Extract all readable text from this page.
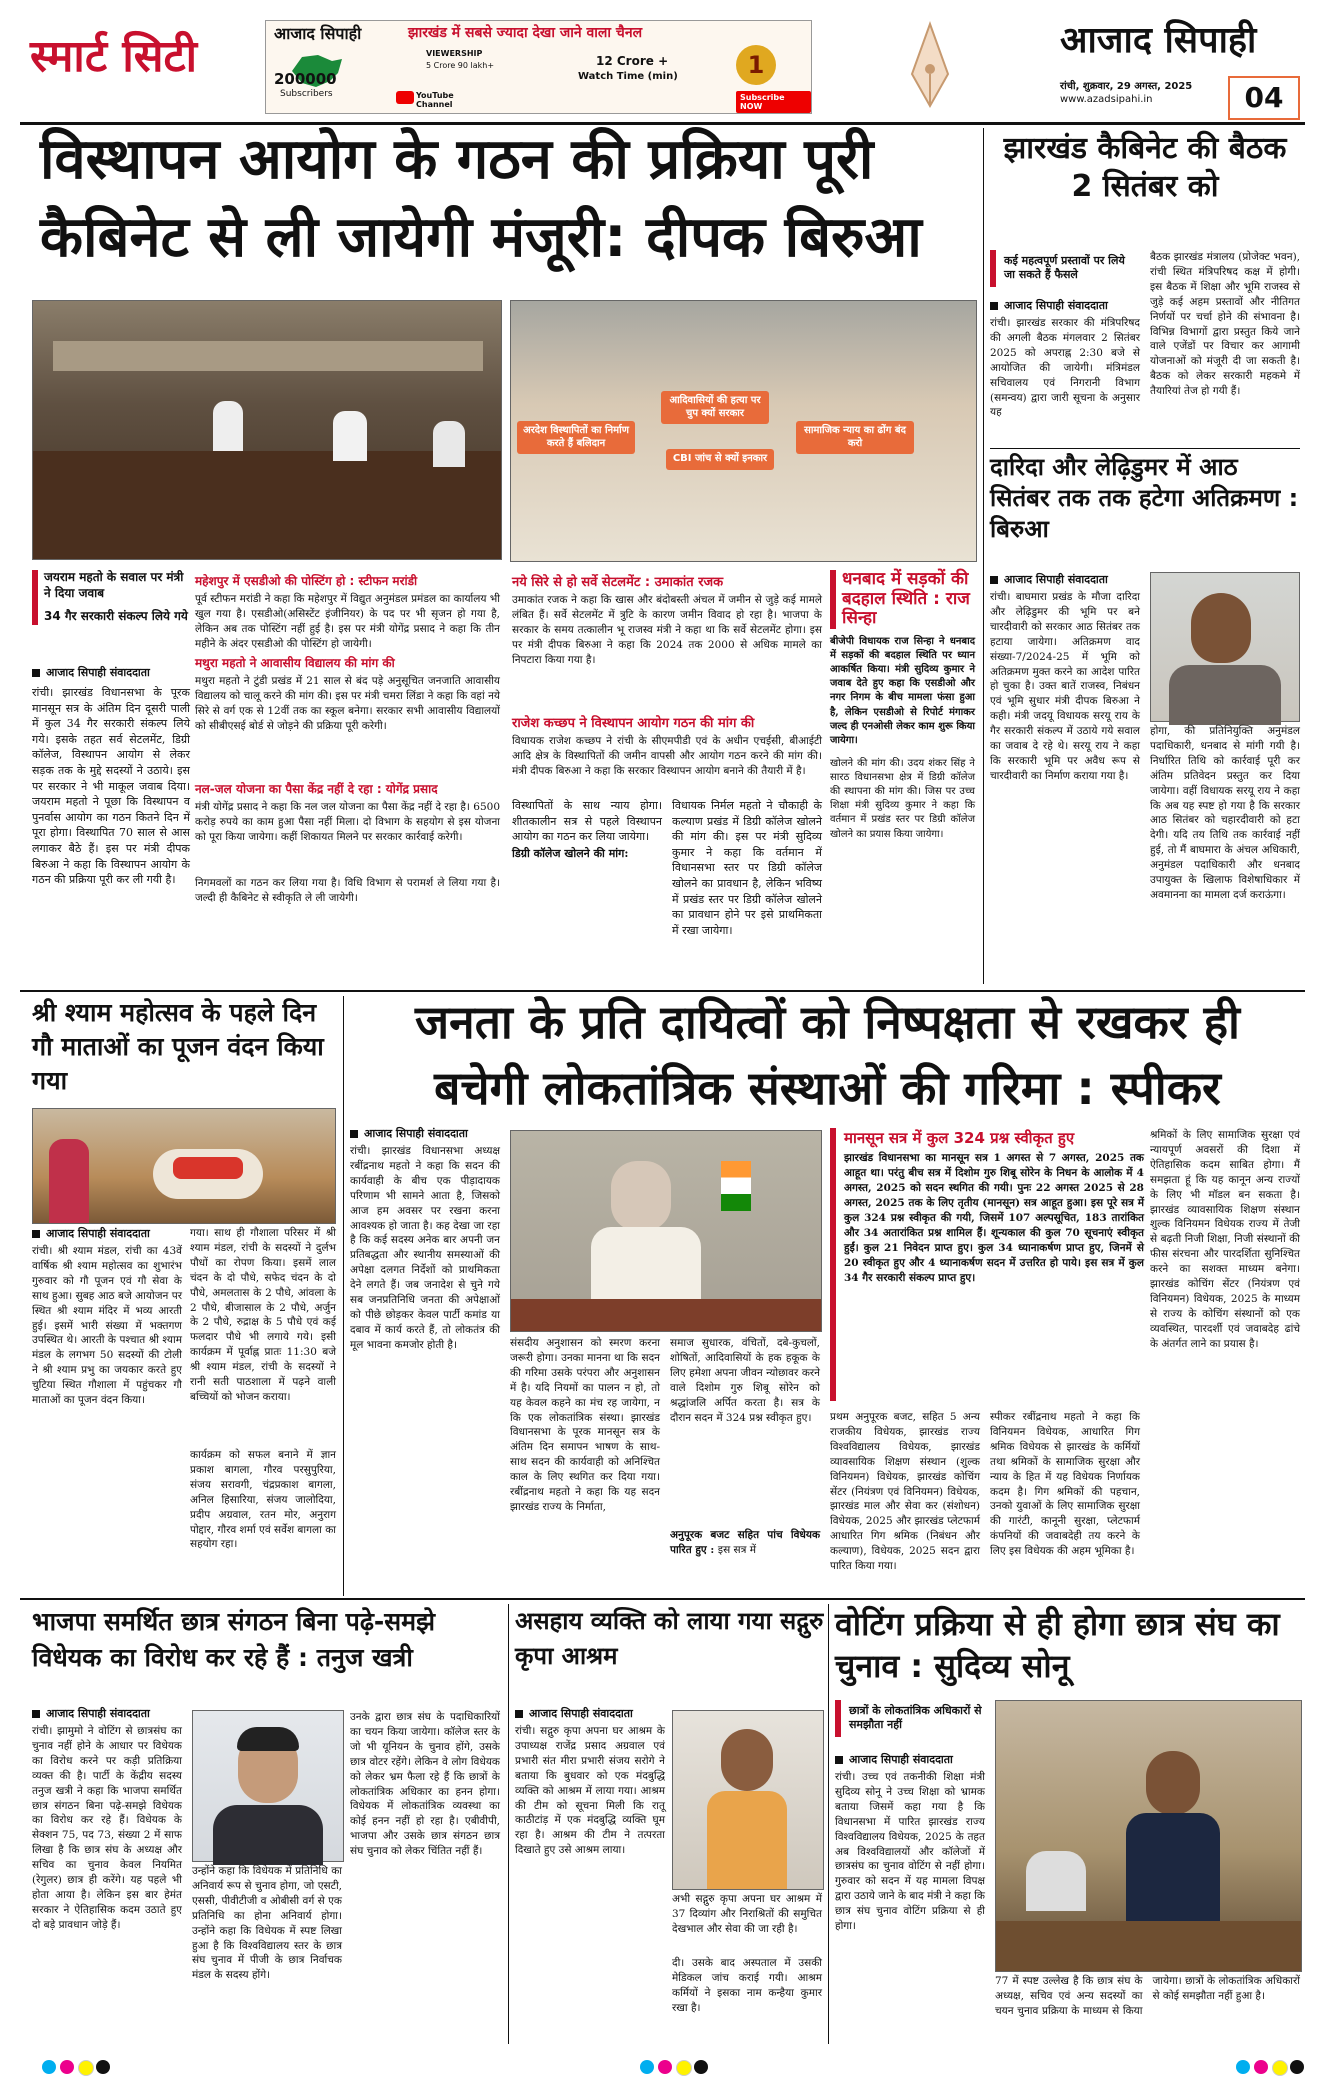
स्मार्ट सिटी	आजाद सिपाही	झारखंड में सबसे ज्यादा देखा जाने वाला चैनल
200000
Subscribers
VIEWERSHIP
5 Crore 90 lakh+	12 Crore +
Watch Time (min)
YouTube Channel
1
Subscribe NOW
आजाद सिपाही
रांची, शुक्रवार, 29 अगस्त, 2025
www.azadsipahi.in	04
विस्थापन आयोग के गठन की प्रक्रिया पूरी
कैबिनेट से ली जायेगी मंजूरी: दीपक बिरुआ
अरदेश विस्थापितों का निर्माण करते हैं बलिदान
आदिवासियों की हत्या पर चुप क्यों सरकार
CBI जांच से क्यों इनकार
सामाजिक न्याय का ढोंग बंद करो
जयराम महतो के सवाल पर मंत्री ने दिया जवाब
34 गैर सरकारी संकल्प लिये गये
आजाद सिपाही संवाददाता
रांची। झारखंड विधानसभा के पूरक मानसून सत्र के अंतिम दिन दूसरी पाली में कुल 34 गैर सरकारी संकल्प लिये गये। इसके तहत सर्व सेटलमेंट, डिग्री कॉलेज, विस्थापन आयोग से लेकर सड़क तक के मुद्दे सदस्यों ने उठाये। इस पर सरकार ने भी माकूल जवाब दिया। जयराम महतो ने पूछा कि विस्थापन व पुनर्वास आयोग का गठन कितने दिन में पूरा होगा। विस्थापित 70 साल से आस लगाकर बैठे हैं। इस पर मंत्री दीपक बिरुआ ने कहा कि विस्थापन आयोग के गठन की प्रक्रिया पूरी कर ली गयी है।
महेशपुर में एसडीओ की पोस्टिंग हो : स्टीफन मरांडी
पूर्व स्टीफन मरांडी ने कहा कि महेशपुर में विद्युत अनुमंडल प्रमंडल का कार्यालय भी खुल गया है। एसडीओ(असिस्टेंट इंजीनियर) के पद पर भी सृजन हो गया है, लेकिन अब तक पोस्टिंग नहीं हुई है। इस पर मंत्री योगेंद्र प्रसाद ने कहा कि तीन महीने के अंदर एसडीओ की पोस्टिंग हो जायेगी।
मथुरा महतो ने आवासीय विद्यालय की मांग की
मथुरा महतो ने टुंडी प्रखंड में 21 साल से बंद पड़े अनुसूचित जनजाति आवासीय विद्यालय को चालू करने की मांग की। इस पर मंत्री चमरा लिंडा ने कहा कि वहां नये सिरे से वर्ग एक से 12वीं तक का स्कूल बनेगा। सरकार सभी आवासीय विद्यालयों को सीबीएसई बोर्ड से जोड़ने की प्रक्रिया पूरी करेगी।
नल-जल योजना का पैसा केंद्र नहीं दे रहा : योगेंद्र प्रसाद
मंत्री योगेंद्र प्रसाद ने कहा कि नल जल योजना का पैसा केंद्र नहीं दे रहा है। 6500 करोड़ रुपये का काम हुआ पैसा नहीं मिला। दो विभाग के सहयोग से इस योजना को पूरा किया जायेगा। कहीं शिकायत मिलने पर सरकार कार्रवाई करेगी।
निगमवलों का गठन कर लिया गया है। विधि विभाग से परामर्श ले लिया गया है। जल्दी ही कैबिनेट से स्वीकृति ले ली जायेगी।
नये सिरे से हो सर्वे सेटलमेंट : उमाकांत रजक
उमाकांत रजक ने कहा कि खास और बंदोबस्ती अंचल में जमीन से जुड़े कई मामले लंबित हैं। सर्वे सेटलमेंट में त्रुटि के कारण जमीन विवाद हो रहा है। भाजपा के सरकार के समय तत्कालीन भू राजस्व मंत्री ने कहा था कि सर्वे सेटलमेंट होगा। इस पर मंत्री दीपक बिरुआ ने कहा कि 2024 तक 2000 से अधिक मामले का निपटारा किया गया है।
राजेश कच्छप ने विस्थापन आयोग गठन की मांग की
विधायक राजेश कच्छप ने रांची के सीएमपीडी एवं के अधीन एचईसी, बीआईटी आदि क्षेत्र के विस्थापितों की जमीन वापसी और आयोग गठन करने की मांग की। मंत्री दीपक बिरुआ ने कहा कि सरकार विस्थापन आयोग बनाने की तैयारी में है।
विस्थापितों के साथ न्याय होगा। शीतकालीन सत्र से पहले विस्थापन आयोग का गठन कर लिया जायेगा।
डिग्री कॉलेज खोलने की मांग:
विधायक निर्मल महतो ने चौकाही के कल्याण प्रखंड में डिग्री कॉलेज खोलने की मांग की। इस पर मंत्री सुदिव्य कुमार ने कहा कि वर्तमान में विधानसभा स्तर पर डिग्री कॉलेज खोलने का प्रावधान है, लेकिन भविष्य में प्रखंड स्तर पर डिग्री कॉलेज खोलने का प्रावधान होने पर इसे प्राथमिकता में रखा जायेगा।
धनबाद में सड़कों की बदहाल स्थिति : राज सिन्हा
बीजेपी विधायक राज सिन्हा ने धनबाद में सड़कों की बदहाल स्थिति पर ध्यान आकर्षित किया। मंत्री सुदिव्य कुमार ने जवाब देते हुए कहा कि एसडीओ और नगर निगम के बीच मामला फंसा हुआ है, लेकिन एसडीओ से रिपोर्ट मंगाकर जल्द ही एनओसी लेकर काम शुरू किया जायेगा।
खोलने की मांग की। उदय शंकर सिंह ने सारठ विधानसभा क्षेत्र में डिग्री कॉलेज की स्थापना की मांग की। जिस पर उच्च शिक्षा मंत्री सुदिव्य कुमार ने कहा कि वर्तमान में प्रखंड स्तर पर डिग्री कॉलेज खोलने का प्रयास किया जायेगा।
झारखंड कैबिनेट की बैठक 2 सितंबर को
कई महत्वपूर्ण प्रस्तावों पर लिये जा सकते हैं फैसले
आजाद सिपाही संवाददाता
रांची। झारखंड सरकार की मंत्रिपरिषद की अगली बैठक मंगलवार 2 सितंबर 2025 को अपराह्न 2:30 बजे से आयोजित की जायेगी। मंत्रिमंडल सचिवालय एवं निगरानी विभाग (समन्वय) द्वारा जारी सूचना के अनुसार यह
बैठक झारखंड मंत्रालय (प्रोजेक्ट भवन), रांची स्थित मंत्रिपरिषद कक्ष में होगी। इस बैठक में शिक्षा और भूमि राजस्व से जुड़े कई अहम प्रस्तावों और नीतिगत निर्णयों पर चर्चा होने की संभावना है। विभिन्न विभागों द्वारा प्रस्तुत किये जाने वाले एजेंडों पर विचार कर आगामी योजनाओं को मंजूरी दी जा सकती है। बैठक को लेकर सरकारी महकमे में तैयारियां तेज हो गयी हैं।
दारिदा और लेढ़िडुमर में आठ सितंबर तक तक हटेगा अतिक्रमण : बिरुआ
आजाद सिपाही संवाददाता
रांची। बाघमारा प्रखंड के मौजा दारिदा और लेढ़िडुमर की भूमि पर बने चारदीवारी को सरकार आठ सितंबर तक हटाया जायेगा। अतिक्रमण वाद संख्या-7/2024-25 में भूमि को अतिक्रमण मुक्त करने का आदेश पारित हो चुका है। उक्त बातें राजस्व, निबंधन एवं भूमि सुधार मंत्री दीपक बिरुआ ने कही। मंत्री जदयू विधायक सरयू राय के गैर सरकारी संकल्प में उठाये गये सवाल का जवाब दे रहे थे। सरयू राय ने कहा कि सरकारी भूमि पर अवैध रूप से चारदीवारी का निर्माण कराया गया है।
होगा, की प्रतिनियुक्ति अनुमंडल पदाधिकारी, धनबाद से मांगी गयी है। निर्धारित तिथि को कार्रवाई पूरी कर अंतिम प्रतिवेदन प्रस्तुत कर दिया जायेगा। वहीं विधायक सरयू राय ने कहा कि अब यह स्पष्ट हो गया है कि सरकार आठ सितंबर को चहारदीवारी को हटा देगी। यदि तय तिथि तक कार्रवाई नहीं हुई, तो मैं बाघमारा के अंचल अधिकारी, अनुमंडल पदाधिकारी और धनबाद उपायुक्त के खिलाफ विशेषाधिकार में अवमानना का मामला दर्ज कराऊंगा।
श्री श्याम महोत्सव के पहले दिन गौ माताओं का पूजन वंदन किया गया
आजाद सिपाही संवाददाता
रांची। श्री श्याम मंडल, रांची का 43वें वार्षिक श्री श्याम महोत्सव का शुभारंभ गुरुवार को गौ पूजन एवं गौ सेवा के साथ हुआ। सुबह आठ बजे आयोजन पर स्थित श्री श्याम मंदिर में भव्य आरती हुई। इसमें भारी संख्या में भक्तगण उपस्थित थे। आरती के पश्चात श्री श्याम मंडल के लगभग 50 सदस्यों की टोली ने श्री श्याम प्रभु का जयकार करते हुए चुटिया स्थित गौशाला में पहुंचकर गौ माताओं का पूजन वंदन किया।
गया। साथ ही गौशाला परिसर में श्री श्याम मंडल, रांची के सदस्यों ने दुर्लभ पौधों का रोपण किया। इसमें लाल चंदन के दो पौधे, सफेद चंदन के दो पौधे, अमलतास के 2 पौधे, आंवला के 2 पौधे, बीजासाल के 2 पौधे, अर्जुन के 2 पौधे, रुद्राक्ष के 5 पौधे एवं कई फलदार पौधे भी लगाये गये। इसी कार्यक्रम में पूर्वाह्न प्रातः 11:30 बजे श्री श्याम मंडल, रांची के सदस्यों ने रानी सती पाठशाला में पढ़ने वाली बच्चियों को भोजन कराया।
कार्यक्रम को सफल बनाने में ज्ञान प्रकाश बागला, गौरव परसुपुरिया, संजय सरावगी, चंद्रप्रकाश बागला, अनिल हिसारिया, संजय जालोदिया, प्रदीप अग्रवाल, रतन मोर, अनुराग पोद्दार, गौरव शर्मा एवं सर्वेश बागला का सहयोग रहा।
जनता के प्रति दायित्वों को निष्पक्षता से रखकर ही
बचेगी लोकतांत्रिक संस्थाओं की गरिमा : स्पीकर
आजाद सिपाही संवाददाता
रांची। झारखंड विधानसभा अध्यक्ष रबींद्रनाथ महतो ने कहा कि सदन की कार्यवाही के बीच एक पीड़ादायक परिणाम भी सामने आता है, जिसको आज हम अवसर पर रखना करना आवश्यक हो जाता है। कह देखा जा रहा है कि कई सदस्य अनेक बार अपनी जन प्रतिबद्धता और स्थानीय समस्याओं की अपेक्षा दलगत निर्देशों को प्राथमिकता देने लगते हैं। जब जनादेश से चुने गये सब जनप्रतिनिधि जनता की अपेक्षाओं को पीछे छोड़कर केवल पार्टी कमांड या दबाव में कार्य करते हैं, तो लोकतंत्र की मूल भावना कमजोर होती है।
मानसून सत्र में कुल 324 प्रश्न स्वीकृत हुए
झारखंड विधानसभा का मानसून सत्र 1 अगस्त से 7 अगस्त, 2025 तक आहूत था। परंतु बीच सत्र में दिशोम गुरु शिबू सोरेन के निधन के आलोक में 4 अगस्त, 2025 को सदन स्थगित की गयी। पुनः 22 अगस्त 2025 से 28 अगस्त, 2025 तक के लिए तृतीय (मानसून) सत्र आहूत हुआ। इस पूरे सत्र में कुल 324 प्रश्न स्वीकृत की गयी, जिसमें 107 अल्पसूचित, 183 तारांकित और 34 अतारांकित प्रश्न शामिल हैं। शून्यकाल की कुल 70 सूचनाएं स्वीकृत हुईं। कुल 21 निवेदन प्राप्त हुए। कुल 34 ध्यानाकर्षण प्राप्त हुए, जिनमें से 20 स्वीकृत हुए और 4 ध्यानाकर्षण सदन में उत्तरित हो पाये। इस सत्र में कुल 34 गैर सरकारी संकल्प प्राप्त हुए।
संसदीय अनुशासन को स्मरण करना जरूरी होगा। उनका मानना था कि सदन की गरिमा उसके परंपरा और अनुशासन में है। यदि नियमों का पालन न हो, तो यह केवल कहने का मंच रह जायेगा, न कि एक लोकतांत्रिक संस्था। झारखंड विधानसभा के पूरक मानसून सत्र के अंतिम दिन समापन भाषण के साथ-साथ सदन की कार्यवाही को अनिश्चित काल के लिए स्थगित कर दिया गया। रबींद्रनाथ महतो ने कहा कि यह सदन झारखंड राज्य के निर्माता,
समाज सुधारक, वंचितों, दबे-कुचलों, शोषितों, आदिवासियों के हक हकूक के लिए हमेशा अपना जीवन न्योछावर करने वाले दिशोम गुरु शिबू सोरेन को श्रद्धांजलि अर्पित करता है। सत्र के दौरान सदन में 324 प्रश्न स्वीकृत हुए।
अनुपूरक बजट सहित पांच विधेयक पारित हुए : इस सत्र में
प्रथम अनुपूरक बजट, सहित 5 अन्य राजकीय विधेयक, झारखंड राज्य विश्वविद्यालय विधेयक, झारखंड व्यावसायिक शिक्षण संस्थान (शुल्क विनियमन) विधेयक, झारखंड कोचिंग सेंटर (नियंत्रण एवं विनियमन) विधेयक, झारखंड माल और सेवा कर (संशोधन) विधेयक, 2025 और झारखंड प्लेटफार्म आधारित गिग श्रमिक (निबंधन और कल्याण), विधेयक, 2025 सदन द्वारा पारित किया गया।
स्पीकर रबींद्रनाथ महतो ने कहा कि विनियमन विधेयक, आधारित गिग श्रमिक विधेयक से झारखंड के कर्मियों तथा श्रमिकों के सामाजिक सुरक्षा और न्याय के हित में यह विधेयक निर्णायक कदम है। गिग श्रमिकों की पहचान, उनको युवाओं के लिए सामाजिक सुरक्षा की गारंटी, कानूनी सुरक्षा, प्लेटफार्म कंपनियों की जवाबदेही तय करने के लिए इस विधेयक की अहम भूमिका है।
श्रमिकों के लिए सामाजिक सुरक्षा एवं न्यायपूर्ण अवसरों की दिशा में ऐतिहासिक कदम साबित होगा। मैं समझता हूं कि यह कानून अन्य राज्यों के लिए भी मॉडल बन सकता है। झारखंड व्यावसायिक शिक्षण संस्थान शुल्क विनियमन विधेयक राज्य में तेजी से बढ़ती निजी शिक्षा, निजी संस्थानों की फीस संरचना और पारदर्शिता सुनिश्चित करने का सशक्त माध्यम बनेगा। झारखंड कोचिंग सेंटर (नियंत्रण एवं विनियमन) विधेयक, 2025 के माध्यम से राज्य के कोचिंग संस्थानों को एक व्यवस्थित, पारदर्शी एवं जवाबदेह ढांचे के अंतर्गत लाने का प्रयास है।
भाजपा समर्थित छात्र संगठन बिना पढ़े-समझे विधेयक का विरोध कर रहे हैं : तनुज खत्री
आजाद सिपाही संवाददाता
रांची। झामुमो ने वोटिंग से छात्रसंघ का चुनाव नहीं होने के आधार पर विधेयक का विरोध करने पर कड़ी प्रतिक्रिया व्यक्त की है। पार्टी के केंद्रीय सदस्य तनुज खत्री ने कहा कि भाजपा समर्थित छात्र संगठन बिना पढ़े-समझे विधेयक का विरोध कर रहे हैं। विधेयक के सेक्शन 75, पद 73, संख्या 2 में साफ लिखा है कि छात्र संघ के अध्यक्ष और सचिव का चुनाव केवल नियमित (रेगुलर) छात्र ही करेंगे। यह पहले भी होता आया है। लेकिन इस बार हेमंत सरकार ने ऐतिहासिक कदम उठाते हुए दो बड़े प्रावधान जोड़े हैं।
उन्होंने कहा कि विधेयक में प्रतिनिधि का अनिवार्य रूप से चुनाव होगा, जो एसटी, एससी, पीवीटीजी व ओबीसी वर्ग से एक प्रतिनिधि का होना अनिवार्य होगा। उन्होंने कहा कि विधेयक में स्पष्ट लिखा हुआ है कि विश्वविद्यालय स्तर के छात्र संघ चुनाव में पीजी के छात्र निर्वाचक मंडल के सदस्य होंगे।
उनके द्वारा छात्र संघ के पदाधिकारियों का चयन किया जायेगा। कॉलेज स्तर के जो भी यूनियन के चुनाव होंगे, उसके छात्र वोटर रहेंगे। लेकिन वे लोग विधेयक को लेकर भ्रम फैला रहे हैं कि छात्रों के लोकतांत्रिक अधिकार का हनन होगा। विधेयक में लोकतांत्रिक व्यवस्था का कोई हनन नहीं हो रहा है। एबीवीपी, भाजपा और उसके छात्र संगठन छात्र संघ चुनाव को लेकर चिंतित नहीं हैं।
असहाय व्यक्ति को लाया गया सद्गुरु कृपा आश्रम
आजाद सिपाही संवाददाता
रांची। सद्गुरु कृपा अपना घर आश्रम के उपाध्यक्ष राजेंद्र प्रसाद अग्रवाल एवं प्रभारी संत मीरा प्रभारी संजय सरोगे ने बताया कि बुधवार को एक मंदबुद्धि व्यक्ति को आश्रम में लाया गया। आश्रम की टीम को सूचना मिली कि रातू काठीटांड़ में एक मंदबुद्धि व्यक्ति घूम रहा है। आश्रम की टीम ने तत्परता दिखाते हुए उसे आश्रम लाया।
अभी सद्गुरु कृपा अपना घर आश्रम में 37 दिव्यांग और निराश्रितों की समुचित देखभाल और सेवा की जा रही है।
दी। उसके बाद अस्पताल में उसकी मेडिकल जांच कराई गयी। आश्रम कर्मियों ने इसका नाम कन्हैया कुमार रखा है।
वोटिंग प्रक्रिया से ही होगा छात्र संघ का चुनाव : सुदिव्य सोनू
छात्रों के लोकतांत्रिक अधिकारों से समझौता नहीं
आजाद सिपाही संवाददाता
रांची। उच्च एवं तकनीकी शिक्षा मंत्री सुदिव्य सोनू ने उच्च शिक्षा को भ्रामक बताया जिसमें कहा गया है कि विधानसभा में पारित झारखंड राज्य विश्वविद्यालय विधेयक, 2025 के तहत अब विश्वविद्यालयों और कॉलेजों में छात्रसंघ का चुनाव वोटिंग से नहीं होगा। गुरुवार को सदन में यह मामला विपक्ष द्वारा उठाये जाने के बाद मंत्री ने कहा कि छात्र संघ चुनाव वोटिंग प्रक्रिया से ही होगा।
77 में स्पष्ट उल्लेख है कि छात्र संघ के अध्यक्ष, सचिव एवं अन्य सदस्यों का चयन चुनाव प्रक्रिया के माध्यम से किया जायेगा। छात्रों के लोकतांत्रिक अधिकारों से कोई समझौता नहीं हुआ है।
